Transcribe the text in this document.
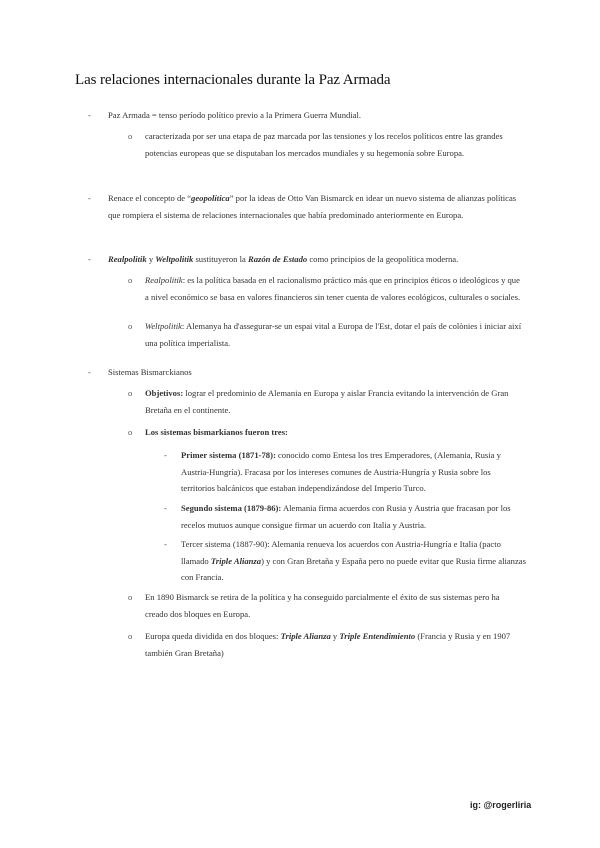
Las relaciones internacionales durante la Paz Armada
- Paz Armada = tenso período político previo a la Primera Guerra Mundial.
o caracterizada por ser una etapa de paz marcada por las tensiones y los recelos políticos entre las grandes potencias europeas que se disputaban los mercados mundiales y su hegemonía sobre Europa.
- Renace el concepto de “geopolítica” por la ideas de Otto Van Bismarck en idear un nuevo sistema de alianzas políticas que rompiera el sistema de relaciones internacionales que había predominado anteriormente en Europa.
- Realpolitik y Weltpolitik sustituyeron la Razón de Estado como principios de la geopolítica moderna.
o Realpolitik: es la política basada en el racionalismo práctico más que en principios éticos o ideológicos y que a nivel económico se basa en valores financieros sin tener cuenta de valores ecológicos, culturales o sociales.
o Weltpolitik: Alemanya ha d'assegurar-se un espai vital a Europa de l'Est, dotar el país de colònies i iniciar així una política imperialista.
- Sistemas Bismarckianos
o Objetivos: lograr el predominio de Alemania en Europa y aislar Francia evitando la intervención de Gran Bretaña en el continente.
o Los sistemas bismarkianos fueron tres:
- Primer sistema (1871-78): conocido como Entesa los tres Emperadores, (Alemania, Rusia y Austria-Hungría). Fracasa por los intereses comunes de Austria-Hungría y Rusia sobre los territorios balcánicos que estaban independizándose del Imperio Turco.
- Segundo sistema (1879-86): Alemania firma acuerdos con Rusia y Austria que fracasan por los recelos mutuos aunque consigue firmar un acuerdo con Italia y Austria.
- Tercer sistema (1887-90): Alemania renueva los acuerdos con Austria-Hungría e Italia (pacto llamado Triple Alianza) y con Gran Bretaña y España pero no puede evitar que Rusia firme alianzas con Francia.
o En 1890 Bismarck se retira de la política y ha conseguido parcialmente el éxito de sus sistemas pero ha creado dos bloques en Europa.
o Europa queda dividida en dos bloques: Triple Alianza y Triple Entendimiento (Francia y Rusia y en 1907 también Gran Bretaña)
ig: @rogerliria
